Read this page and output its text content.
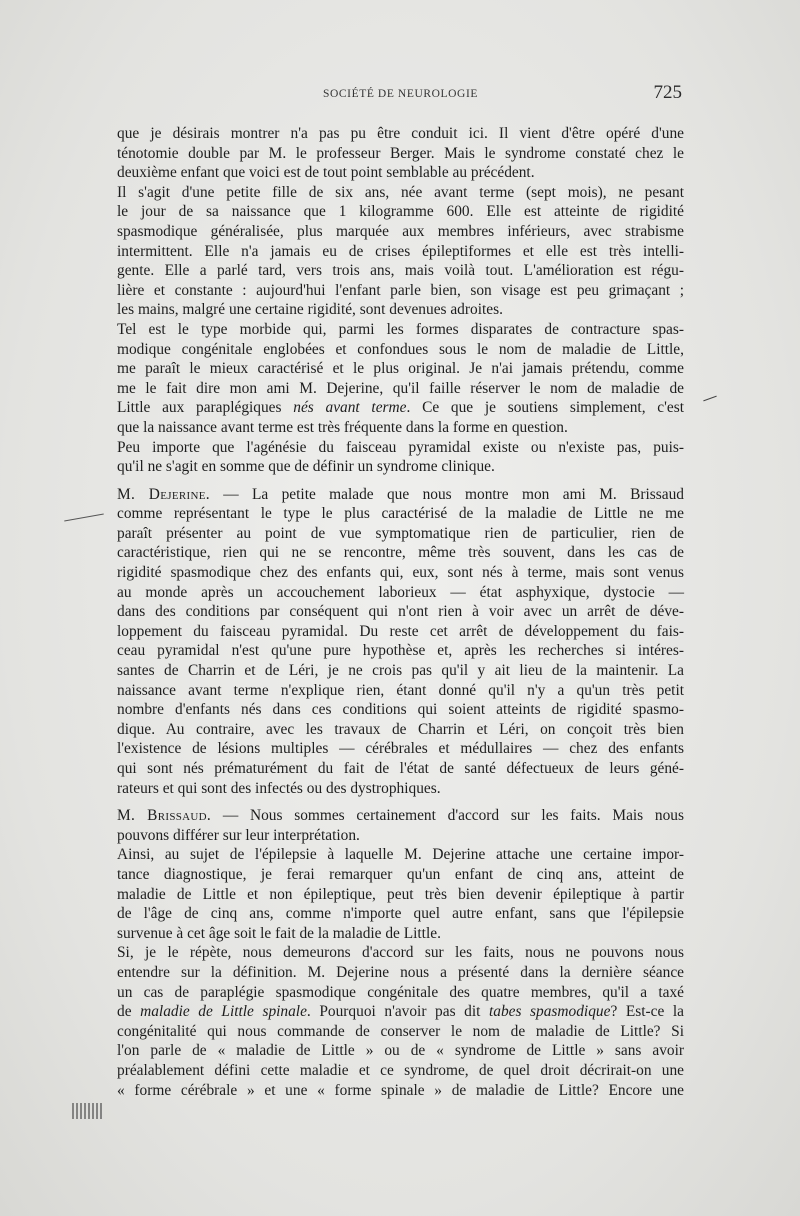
SOCIÉTÉ DE NEUROLOGIE	725

que je désirais montrer n'a pas pu être conduit ici. Il vient d'être opéré d'une
ténotomie double par M. le professeur Berger. Mais le syndrome constaté chez le
deuxième enfant que voici est de tout point semblable au précédent.

Il s'agit d'une petite fille de six ans, née avant terme (sept mois), ne pesant
le jour de sa naissance que 1 kilogramme 600. Elle est atteinte de rigidité
spasmodique généralisée, plus marquée aux membres inférieurs, avec strabisme
intermittent. Elle n'a jamais eu de crises épileptiformes et elle est très intelli-
gente. Elle a parlé tard, vers trois ans, mais voilà tout. L'amélioration est régu-
lière et constante : aujourd'hui l'enfant parle bien, son visage est peu grimaçant ;
les mains, malgré une certaine rigidité, sont devenues adroites.

Tel est le type morbide qui, parmi les formes disparates de contracture spas-
modique congénitale englobées et confondues sous le nom de maladie de Little,
me paraît le mieux caractérisé et le plus original. Je n'ai jamais prétendu, comme
me le fait dire mon ami M. Dejerine, qu'il faille réserver le nom de maladie de
Little aux paraplégiques nés avant terme. Ce que je soutiens simplement, c'est
que la naissance avant terme est très fréquente dans la forme en question.

Peu importe que l'agénésie du faisceau pyramidal existe ou n'existe pas, puis-
qu'il ne s'agit en somme que de définir un syndrome clinique.

M. Dejerine. — La petite malade que nous montre mon ami M. Brissaud
comme représentant le type le plus caractérisé de la maladie de Little ne me
paraît présenter au point de vue symptomatique rien de particulier, rien de
caractéristique, rien qui ne se rencontre, même très souvent, dans les cas de
rigidité spasmodique chez des enfants qui, eux, sont nés à terme, mais sont venus
au monde après un accouchement laborieux — état asphyxique, dystocie —
dans des conditions par conséquent qui n'ont rien à voir avec un arrêt de déve-
loppement du faisceau pyramidal. Du reste cet arrêt de développement du fais-
ceau pyramidal n'est qu'une pure hypothèse et, après les recherches si intéres-
santes de Charrin et de Léri, je ne crois pas qu'il y ait lieu de la maintenir. La
naissance avant terme n'explique rien, étant donné qu'il n'y a qu'un très petit
nombre d'enfants nés dans ces conditions qui soient atteints de rigidité spasmo-
dique. Au contraire, avec les travaux de Charrin et Léri, on conçoit très bien
l'existence de lésions multiples — cérébrales et médullaires — chez des enfants
qui sont nés prématurément du fait de l'état de santé défectueux de leurs géné-
rateurs et qui sont des infectés ou des dystrophiques.

M. Brissaud. — Nous sommes certainement d'accord sur les faits. Mais nous
pouvons différer sur leur interprétation.

Ainsi, au sujet de l'épilepsie à laquelle M. Dejerine attache une certaine impor-
tance diagnostique, je ferai remarquer qu'un enfant de cinq ans, atteint de
maladie de Little et non épileptique, peut très bien devenir épileptique à partir
de l'âge de cinq ans, comme n'importe quel autre enfant, sans que l'épilepsie
survenue à cet âge soit le fait de la maladie de Little.

Si, je le répète, nous demeurons d'accord sur les faits, nous ne pouvons nous
entendre sur la définition. M. Dejerine nous a présenté dans la dernière séance
un cas de paraplégie spasmodique congénitale des quatre membres, qu'il a taxé
de maladie de Little spinale. Pourquoi n'avoir pas dit tabes spasmodique? Est-ce la
congénitalité qui nous commande de conserver le nom de maladie de Little? Si
l'on parle de « maladie de Little » ou de « syndrome de Little » sans avoir
préalablement défini cette maladie et ce syndrome, de quel droit décrirait-on une
« forme cérébrale » et une « forme spinale » de maladie de Little? Encore une
